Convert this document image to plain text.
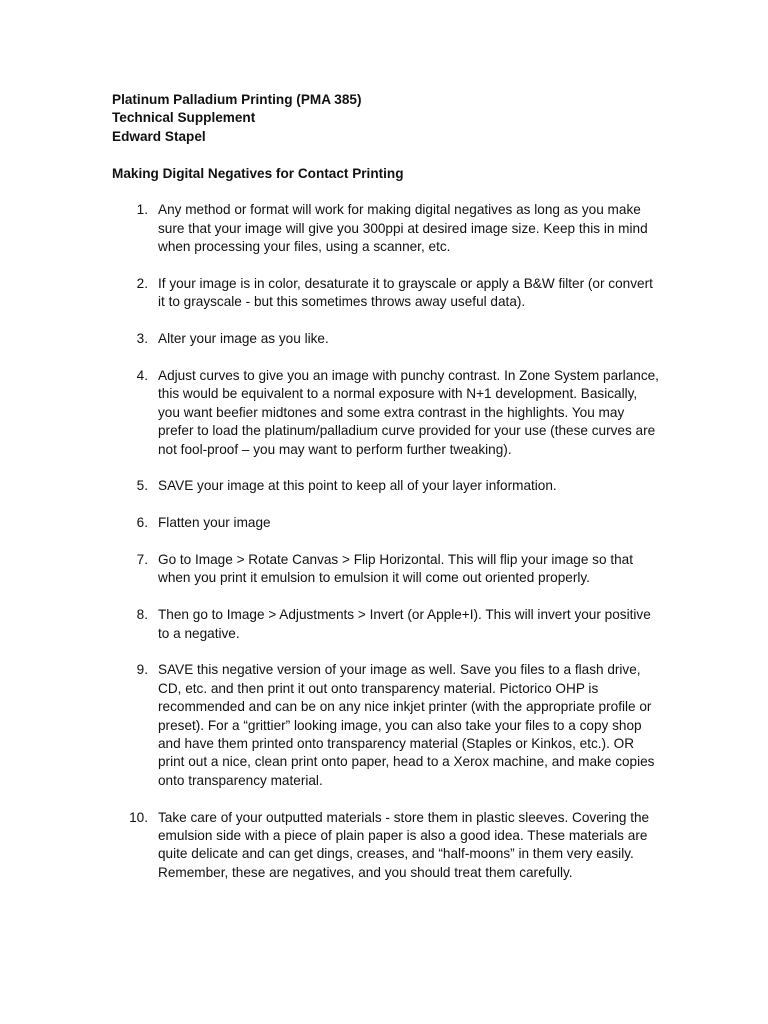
Platinum Palladium Printing (PMA 385)
Technical Supplement
Edward Stapel
Making Digital Negatives for Contact Printing
1. Any method or format will work for making digital negatives as long as you make sure that your image will give you 300ppi at desired image size. Keep this in mind when processing your files, using a scanner, etc.
2. If your image is in color, desaturate it to grayscale or apply a B&W filter (or convert it to grayscale - but this sometimes throws away useful data).
3. Alter your image as you like.
4. Adjust curves to give you an image with punchy contrast. In Zone System parlance, this would be equivalent to a normal exposure with N+1 development. Basically, you want beefier midtones and some extra contrast in the highlights. You may prefer to load the platinum/palladium curve provided for your use (these curves are not fool-proof – you may want to perform further tweaking).
5. SAVE your image at this point to keep all of your layer information.
6. Flatten your image
7. Go to Image > Rotate Canvas > Flip Horizontal. This will flip your image so that when you print it emulsion to emulsion it will come out oriented properly.
8. Then go to Image > Adjustments > Invert (or Apple+I). This will invert your positive to a negative.
9. SAVE this negative version of your image as well. Save you files to a flash drive, CD, etc. and then print it out onto transparency material. Pictorico OHP is recommended and can be on any nice inkjet printer (with the appropriate profile or preset). For a “grittier” looking image, you can also take your files to a copy shop and have them printed onto transparency material (Staples or Kinkos, etc.). OR print out a nice, clean print onto paper, head to a Xerox machine, and make copies onto transparency material.
10. Take care of your outputted materials - store them in plastic sleeves. Covering the emulsion side with a piece of plain paper is also a good idea. These materials are quite delicate and can get dings, creases, and “half-moons” in them very easily. Remember, these are negatives, and you should treat them carefully.
